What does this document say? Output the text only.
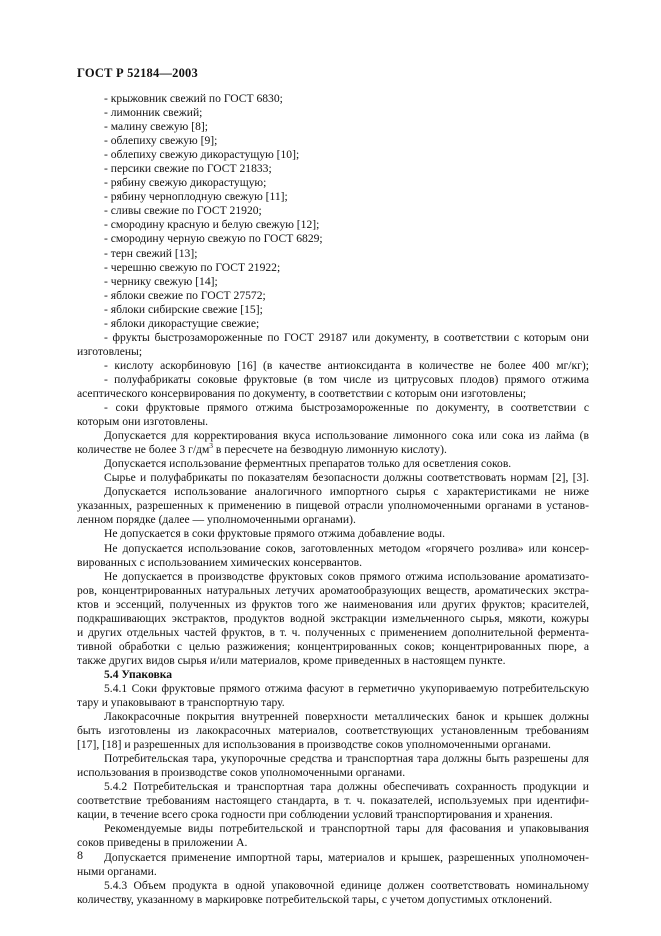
ГОСТ Р 52184—2003
- крыжовник свежий по ГОСТ 6830;
- лимонник свежий;
- малину свежую [8];
- облепиху свежую [9];
- облепиху свежую дикорастущую [10];
- персики свежие по ГОСТ 21833;
- рябину свежую дикорастущую;
- рябину черноплодную свежую [11];
- сливы свежие по ГОСТ 21920;
- смородину красную и белую свежую [12];
- смородину черную свежую по ГОСТ 6829;
- терн свежий [13];
- черешню свежую по ГОСТ 21922;
- чернику свежую [14];
- яблоки свежие по ГОСТ 27572;
- яблоки сибирские свежие [15];
- яблоки дикорастущие свежие;
- фрукты быстрозамороженные по ГОСТ 29187 или документу, в соответствии с которым они
изготовлены;
- кислоту аскорбиновую [16] (в качестве антиоксиданта в количестве не более 400 мг/кг);
- полуфабрикаты соковые фруктовые (в том числе из цитрусовых плодов) прямого отжима
асептического консервирования по документу, в соответствии с которым они изготовлены;
- соки фруктовые прямого отжима быстрозамороженные по документу, в соответствии с
которым они изготовлены.
Допускается для корректирования вкуса использование лимонного сока или сока из лайма (в
количестве не более 3 $г/дм^3$ в пересчете на безводную лимонную кислоту).
Допускается использование ферментных препаратов только для осветления соков.
Сырье и полуфабрикаты по показателям безопасности должны соответствовать нормам [2], [3].
Допускается использование аналогичного импортного сырья с характеристиками не ниже
указанных, разрешенных к применению в пищевой отрасли уполномоченными органами в установ-
ленном порядке (далее — уполномоченными органами).
Не допускается в соки фруктовые прямого отжима добавление воды.
Не допускается использование соков, заготовленных методом «горячего розлива» или консер-
вированных с использованием химических консервантов.
Не допускается в производстве фруктовых соков прямого отжима использование ароматизато-
ров, концентрированных натуральных летучих ароматообразующих веществ, ароматических экстра-
ктов и эссенций, полученных из фруктов того же наименования или других фруктов; красителей,
подкрашивающих экстрактов, продуктов водной экстракции измельченного сырья, мякоти, кожуры
и других отдельных частей фруктов, в т. ч. полученных с применением дополнительной фермента-
тивной обработки с целью разжижения; концентрированных соков; концентрированных пюре, а
также других видов сырья и/или материалов, кроме приведенных в настоящем пункте.
5.4 Упаковка
5.4.1 Соки фруктовые прямого отжима фасуют в герметично укупориваемую потребительскую
тару и упаковывают в транспортную тару.
Лакокрасочные покрытия внутренней поверхности металлических банок и крышек должны
быть изготовлены из лакокрасочных материалов, соответствующих установленным требованиям
[17], [18] и разрешенных для использования в производстве соков уполномоченными органами.
Потребительская тара, укупорочные средства и транспортная тара должны быть разрешены для
использования в производстве соков уполномоченными органами.
5.4.2 Потребительская и транспортная тара должны обеспечивать сохранность продукции и
соответствие требованиям настоящего стандарта, в т. ч. показателей, используемых при идентифи-
кации, в течение всего срока годности при соблюдении условий транспортирования и хранения.
Рекомендуемые виды потребительской и транспортной тары для фасования и упаковывания
соков приведены в приложении А.
Допускается применение импортной тары, материалов и крышек, разрешенных уполномочен-
ными органами.
5.4.3 Объем продукта в одной упаковочной единице должен соответствовать номинальному
количеству, указанному в маркировке потребительской тары, с учетом допустимых отклонений.
8
